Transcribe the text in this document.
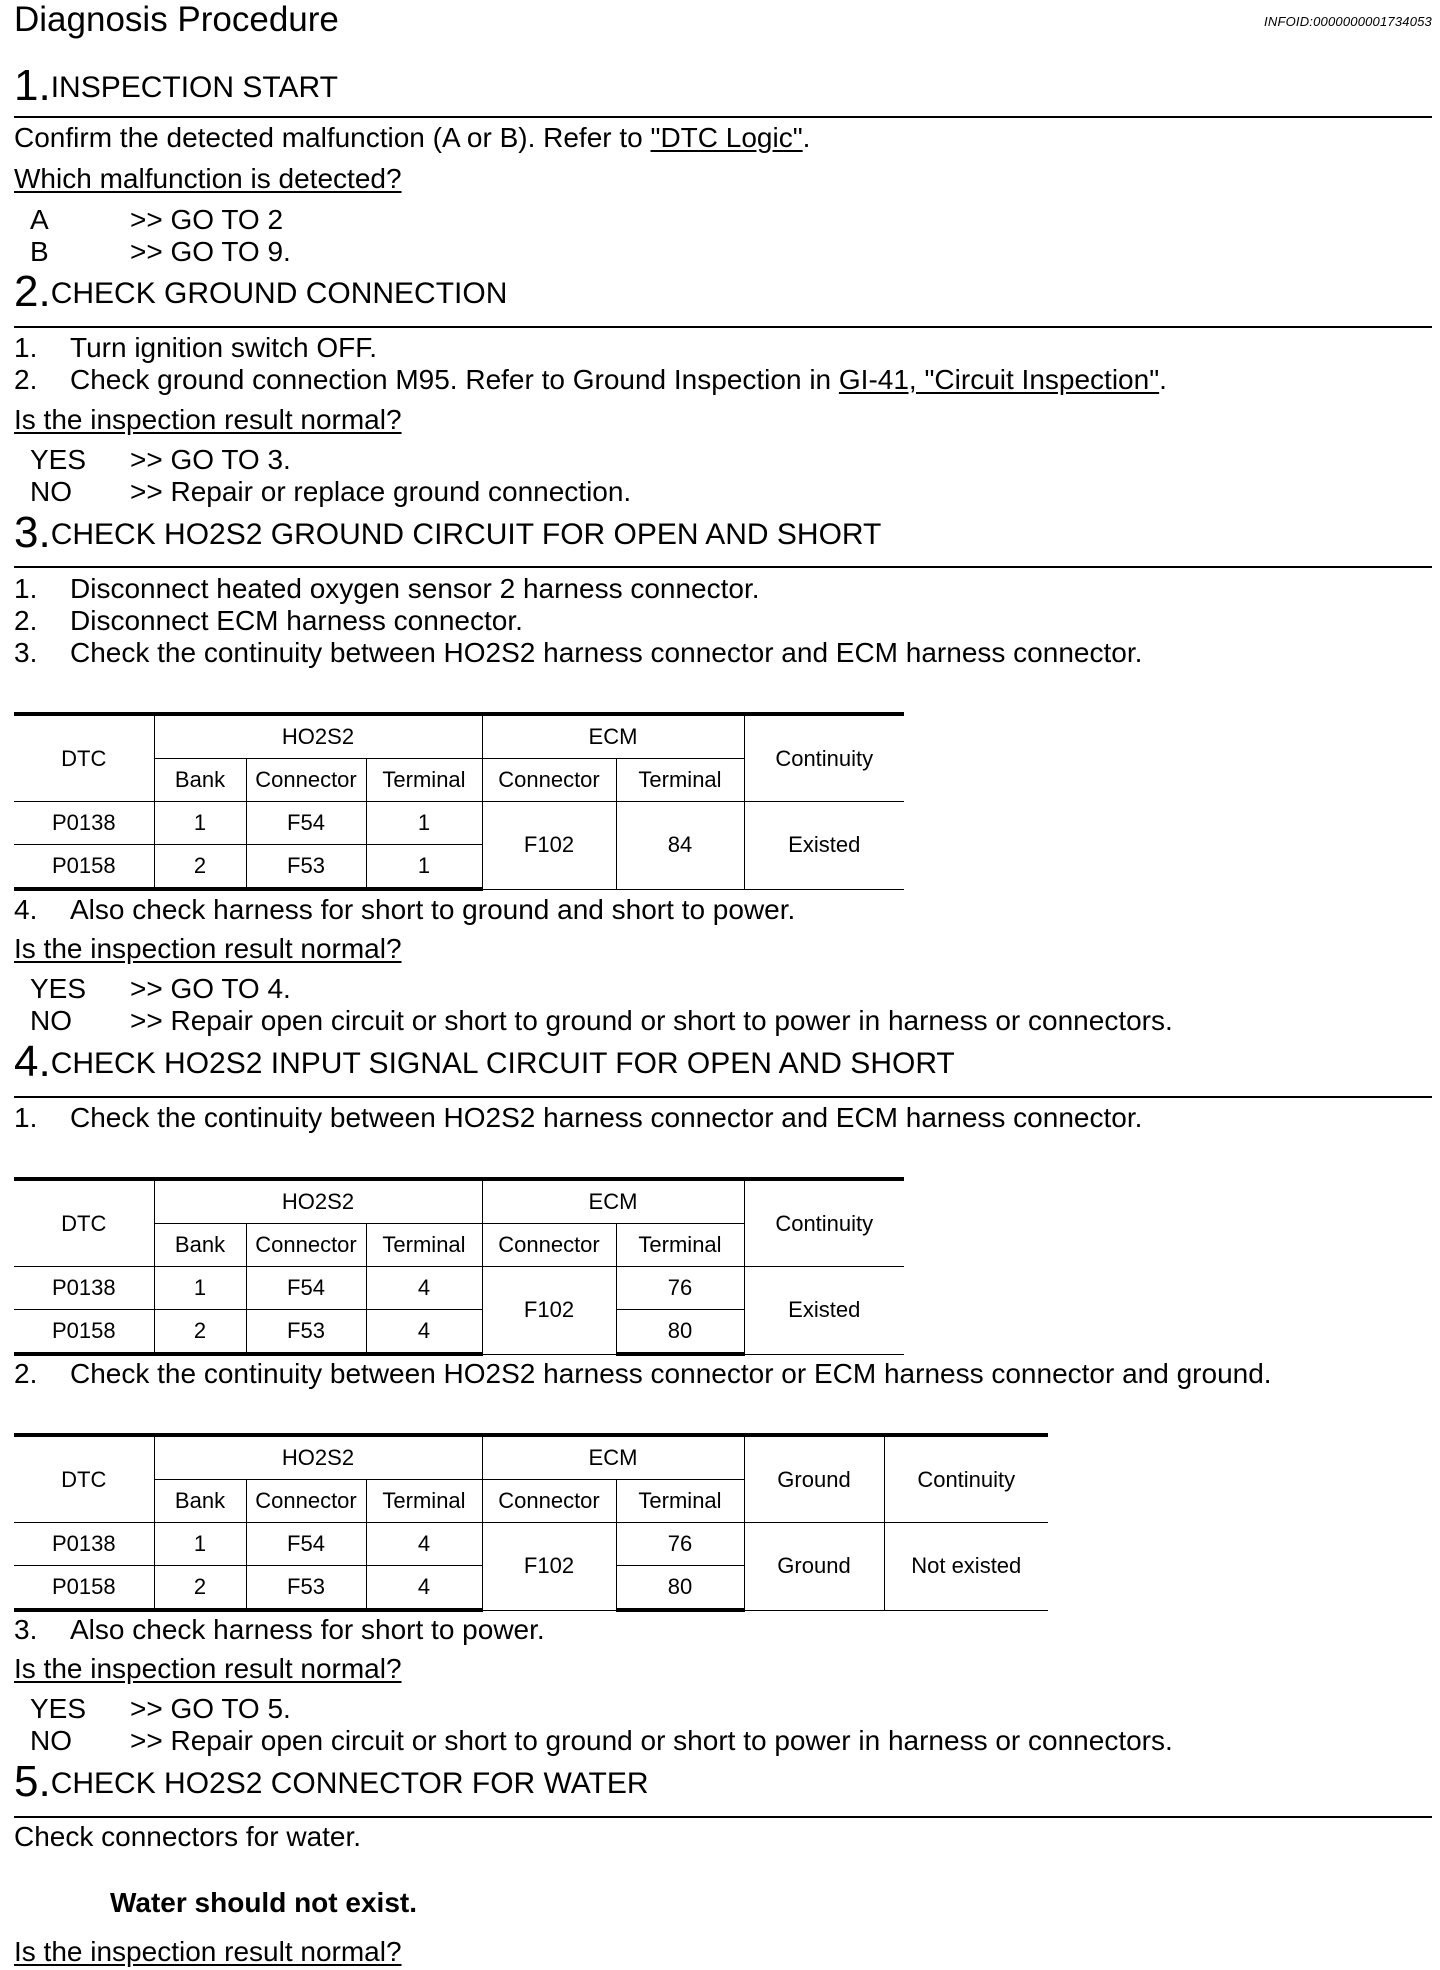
Diagnosis Procedure	INFOID:0000000001734053
1.INSPECTION START
Confirm the detected malfunction (A or B). Refer to "DTC Logic".
Which malfunction is detected?
A	>> GO TO 2
B	>> GO TO 9.
2.CHECK GROUND CONNECTION
1. Turn ignition switch OFF.
2. Check ground connection M95. Refer to Ground Inspection in GI-41, "Circuit Inspection".
Is the inspection result normal?
YES >> GO TO 3.
NO >> Repair or replace ground connection.
3.CHECK HO2S2 GROUND CIRCUIT FOR OPEN AND SHORT
1. Disconnect heated oxygen sensor 2 harness connector.
2. Disconnect ECM harness connector.
3. Check the continuity between HO2S2 harness connector and ECM harness connector.
DTC	HO2S2			ECM		Continuity
	Bank	Connector	Terminal	Connector	Terminal	
P0138	1	F54	1	F102	84	Existed
P0158	2	F53	1			
4. Also check harness for short to ground and short to power.
Is the inspection result normal?
YES >> GO TO 4.
NO >> Repair open circuit or short to ground or short to power in harness or connectors.
4.CHECK HO2S2 INPUT SIGNAL CIRCUIT FOR OPEN AND SHORT
1. Check the continuity between HO2S2 harness connector and ECM harness connector.
DTC	HO2S2			ECM		Continuity
	Bank	Connector	Terminal	Connector	Terminal	
P0138	1	F54	4	F102	76	Existed
P0158	2	F53	4		80	
2. Check the continuity between HO2S2 harness connector or ECM harness connector and ground.
DTC	HO2S2			ECM		Ground	Continuity
	Bank	Connector	Terminal	Connector	Terminal		
P0138	1	F54	4	F102	76	Ground	Not existed
P0158	2	F53	4		80		
3. Also check harness for short to power.
Is the inspection result normal?
YES >> GO TO 5.
NO >> Repair open circuit or short to ground or short to power in harness or connectors.
5.CHECK HO2S2 CONNECTOR FOR WATER
Check connectors for water.
Water should not exist.
Is the inspection result normal?
